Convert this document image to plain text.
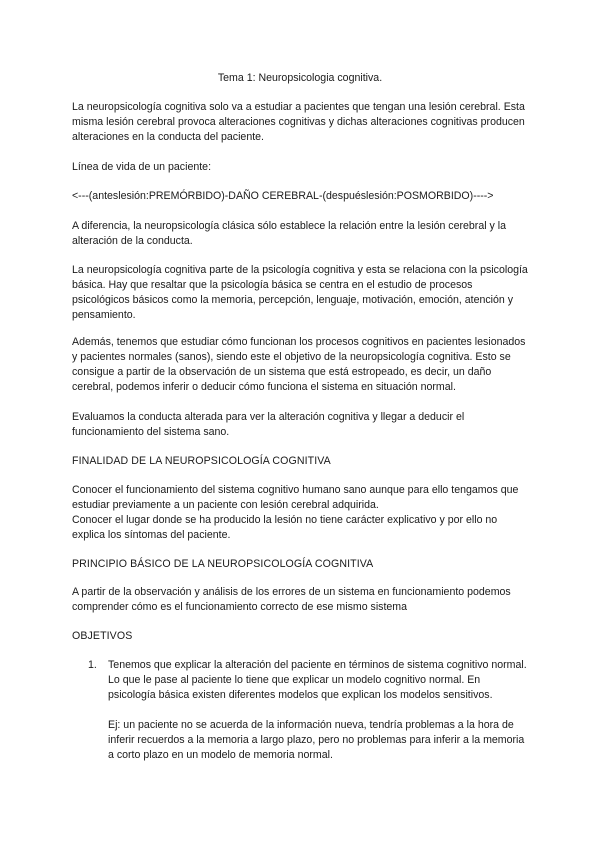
Tema 1: Neuropsicologia cognitiva.

La neuropsicología cognitiva solo va a estudiar a pacientes que tengan una lesión cerebral. Esta misma lesión cerebral provoca alteraciones cognitivas y dichas alteraciones cognitivas producen alteraciones en la conducta del paciente.

Línea de vida de un paciente:

<---(anteslesión:PREMÓRBIDO)-DAÑO CEREBRAL-(despuéslesión:POSMORBIDO)---->

A diferencia, la neuropsicología clásica sólo establece la relación entre la lesión cerebral y la alteración de la conducta.

La neuropsicología cognitiva parte de la psicología cognitiva y esta se relaciona con la psicología básica. Hay que resaltar que la psicología básica se centra en el estudio de procesos psicológicos básicos como la memoria, percepción, lenguaje, motivación, emoción, atención y pensamiento.

Además, tenemos que estudiar cómo funcionan los procesos cognitivos en pacientes lesionados y pacientes normales (sanos), siendo este el objetivo de la neuropsicología cognitiva. Esto se consigue a partir de la observación de un sistema que está estropeado, es decir, un daño cerebral, podemos inferir o deducir cómo funciona el sistema en situación normal.

Evaluamos la conducta alterada para ver la alteración cognitiva y llegar a deducir el funcionamiento del sistema sano.

FINALIDAD DE LA NEUROPSICOLOGÍA COGNITIVA

Conocer el funcionamiento del sistema cognitivo humano sano aunque para ello tengamos que estudiar previamente a un paciente con lesión cerebral adquirida.

Conocer el lugar donde se ha producido la lesión no tiene carácter explicativo y por ello no explica los síntomas del paciente.

PRINCIPIO BÁSICO DE LA NEUROPSICOLOGÍA COGNITIVA

A partir de la observación y análisis de los errores de un sistema en funcionamiento podemos comprender cómo es el funcionamiento correcto de ese mismo sistema

OBJETIVOS

1. Tenemos que explicar la alteración del paciente en términos de sistema cognitivo normal. Lo que le pase al paciente lo tiene que explicar un modelo cognitivo normal. En psicología básica existen diferentes modelos que explican los modelos sensitivos.

Ej: un paciente no se acuerda de la información nueva, tendría problemas a la hora de inferir recuerdos a la memoria a largo plazo, pero no problemas para inferir a la memoria a corto plazo en un modelo de memoria normal.
